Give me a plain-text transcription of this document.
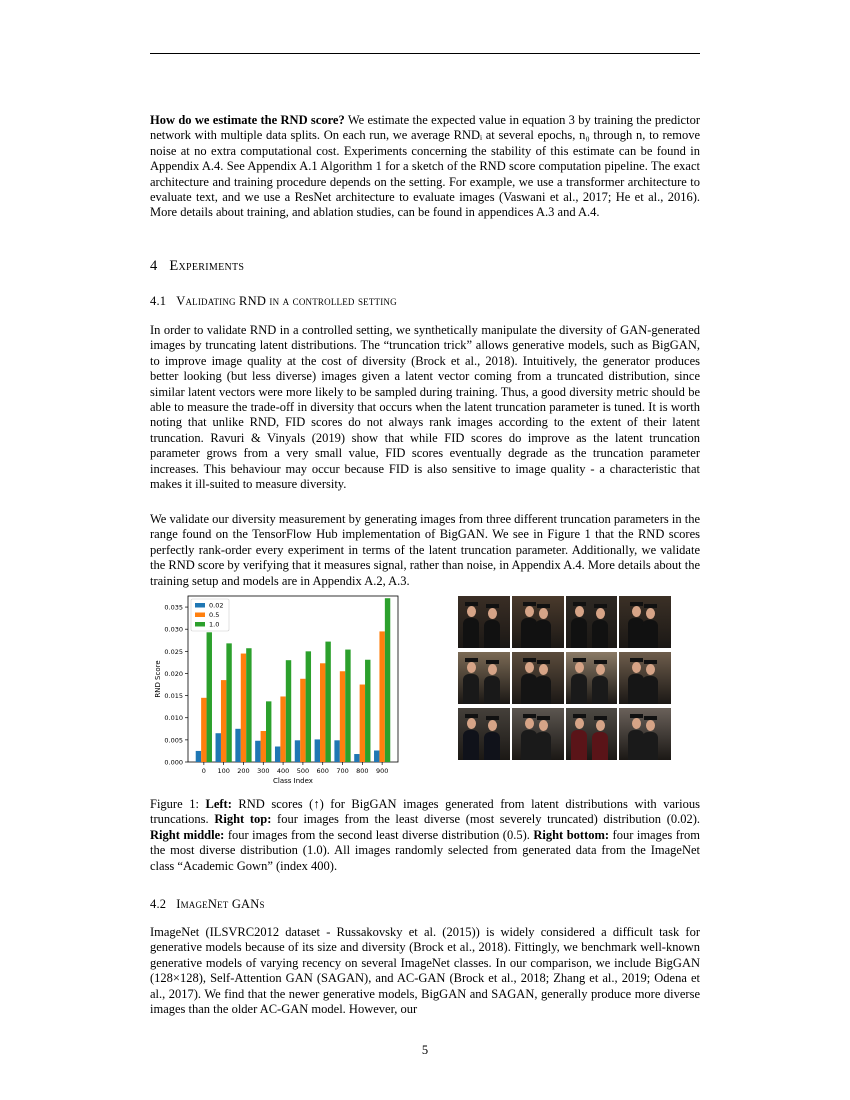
How do we estimate the RND score? We estimate the expected value in equation 3 by training the predictor network with multiple data splits. On each run, we average RNDᵢ at several epochs, n₀ through n, to remove noise at no extra computational cost. Experiments concerning the stability of this estimate can be found in Appendix A.4. See Appendix A.1 Algorithm 1 for a sketch of the RND score computation pipeline. The exact architecture and training procedure depends on the setting. For example, we use a transformer architecture to evaluate text, and we use a ResNet architecture to evaluate images (Vaswani et al., 2017; He et al., 2016). More details about training, and ablation studies, can be found in appendices A.3 and A.4.

4 Experiments
4.1 Validating RND in a controlled setting

In order to validate RND in a controlled setting, we synthetically manipulate the diversity of GAN-generated images by truncating latent distributions. The “truncation trick” allows generative models, such as BigGAN, to improve image quality at the cost of diversity (Brock et al., 2018). Intuitively, the generator produces better looking (but less diverse) images given a latent vector coming from a truncated distribution, since similar latent vectors were more likely to be sampled during training. Thus, a good diversity metric should be able to measure the trade-off in diversity that occurs when the latent truncation parameter is tuned. It is worth noting that unlike RND, FID scores do not always rank images according to the extent of their latent truncation. Ravuri & Vinyals (2019) show that while FID scores do improve as the latent truncation parameter grows from a very small value, FID scores eventually degrade as the truncation parameter increases. This behaviour may occur because FID is also sensitive to image quality - a characteristic that makes it ill-suited to measure diversity.

We validate our diversity measurement by generating images from three different truncation parameters in the range found on the TensorFlow Hub implementation of BigGAN. We see in Figure 1 that the RND scores perfectly rank-order every experiment in terms of the latent truncation parameter. Additionally, we validate the RND score by verifying that it measures signal, rather than noise, in Appendix A.4. More details about the training setup and models are in Appendix A.2, A.3.

0.000
0.005
0.010
0.015
0.020
0.025
0.030
0.035
RND Score
0 100 200 300 400 500 600 700 800 900
Class Index
0.02
0.5
1.0

Figure 1: Left: RND scores (↑) for BigGAN images generated from latent distributions with various truncations. Right top: four images from the least diverse (most severely truncated) distribution (0.02). Right middle: four images from the second least diverse distribution (0.5). Right bottom: four images from the most diverse distribution (1.0). All images randomly selected from generated data from the ImageNet class “Academic Gown” (index 400).

4.2 ImageNet GANs

ImageNet (ILSVRC2012 dataset - Russakovsky et al. (2015)) is widely considered a difficult task for generative models because of its size and diversity (Brock et al., 2018). Fittingly, we benchmark well-known generative models of varying recency on several ImageNet classes. In our comparison, we include BigGAN (128×128), Self-Attention GAN (SAGAN), and AC-GAN (Brock et al., 2018; Zhang et al., 2019; Odena et al., 2017). We find that the newer generative models, BigGAN and SAGAN, generally produce more diverse images than the older AC-GAN model. However, our

5
